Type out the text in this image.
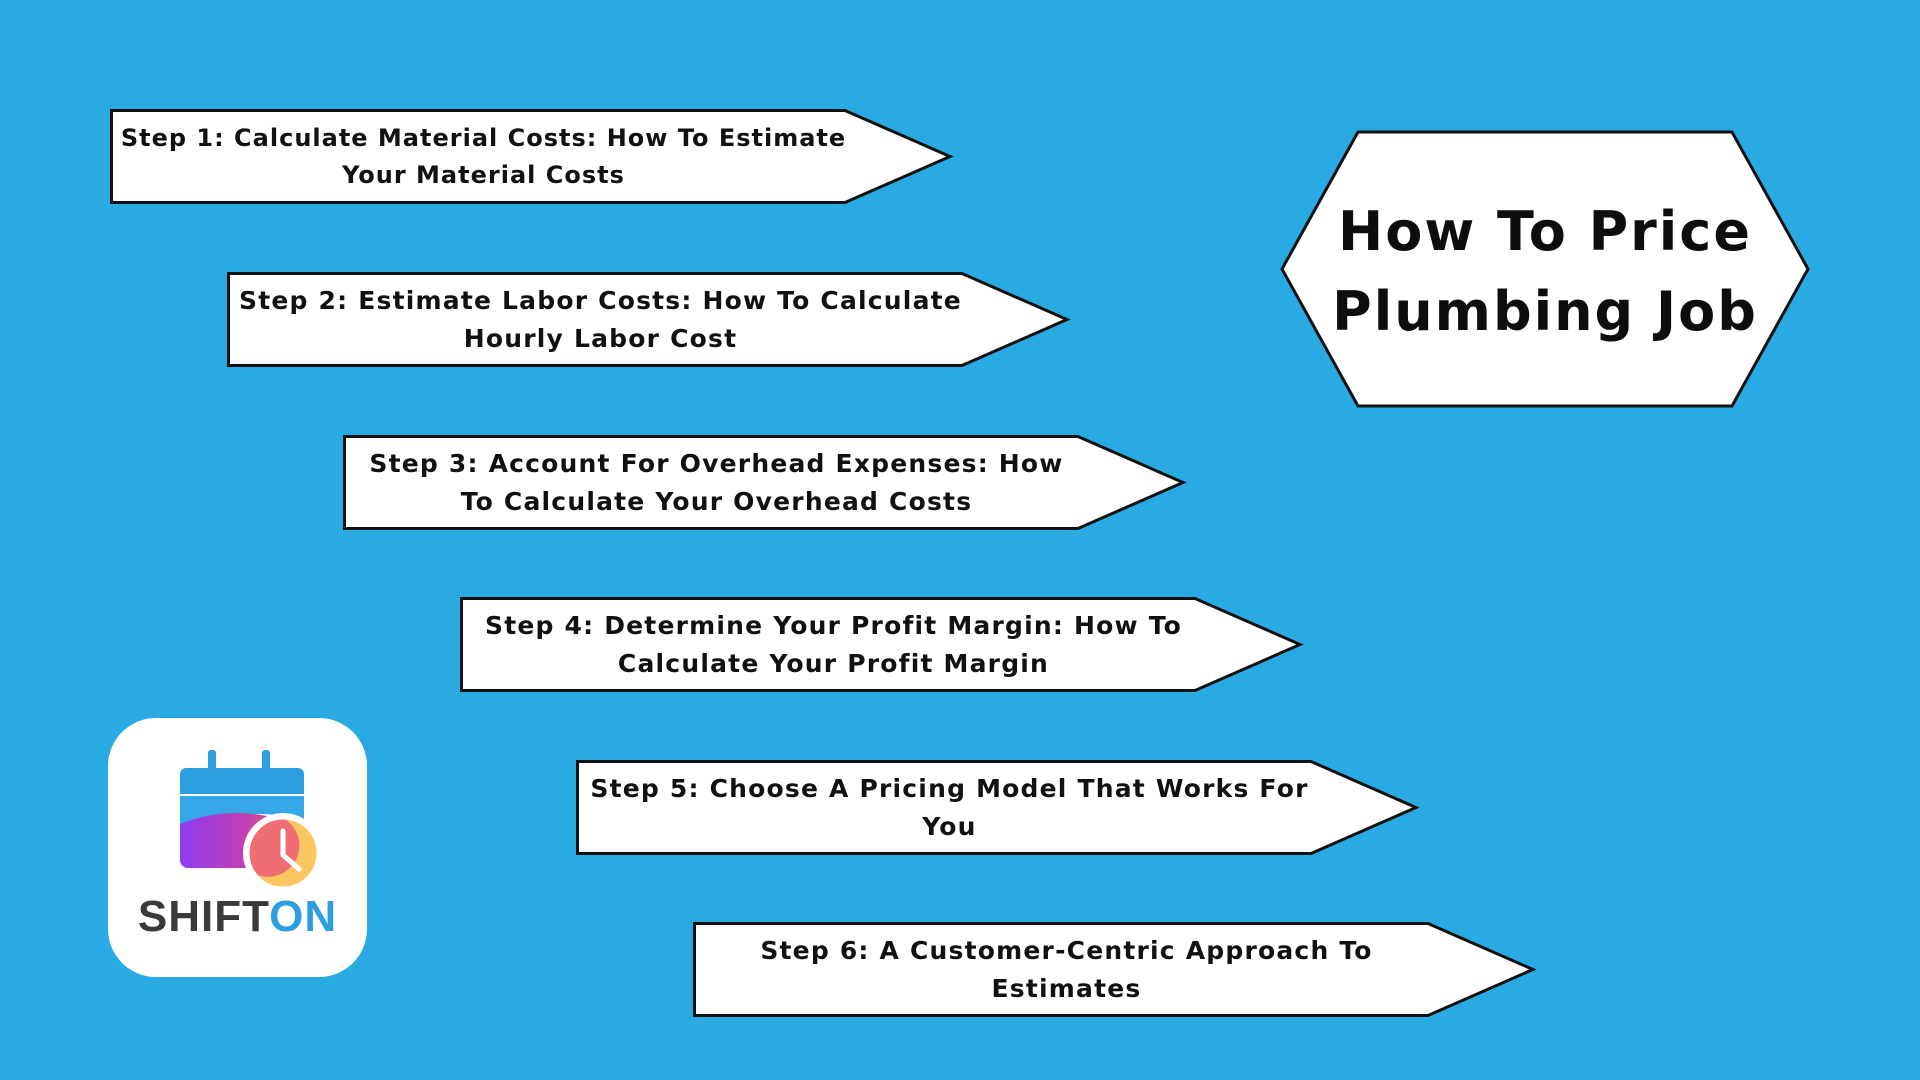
Step 1: Calculate Material Costs: How To Estimate Your Material Costs
Step 2: Estimate Labor Costs: How To Calculate Hourly Labor Cost
Step 3: Account For Overhead Expenses: How To Calculate Your Overhead Costs
Step 4: Determine Your Profit Margin: How To Calculate Your Profit Margin
Step 5: Choose A Pricing Model That Works For You
Step 6: A Customer-Centric Approach To Estimates
How To Price
Plumbing Job
SHIFTON
